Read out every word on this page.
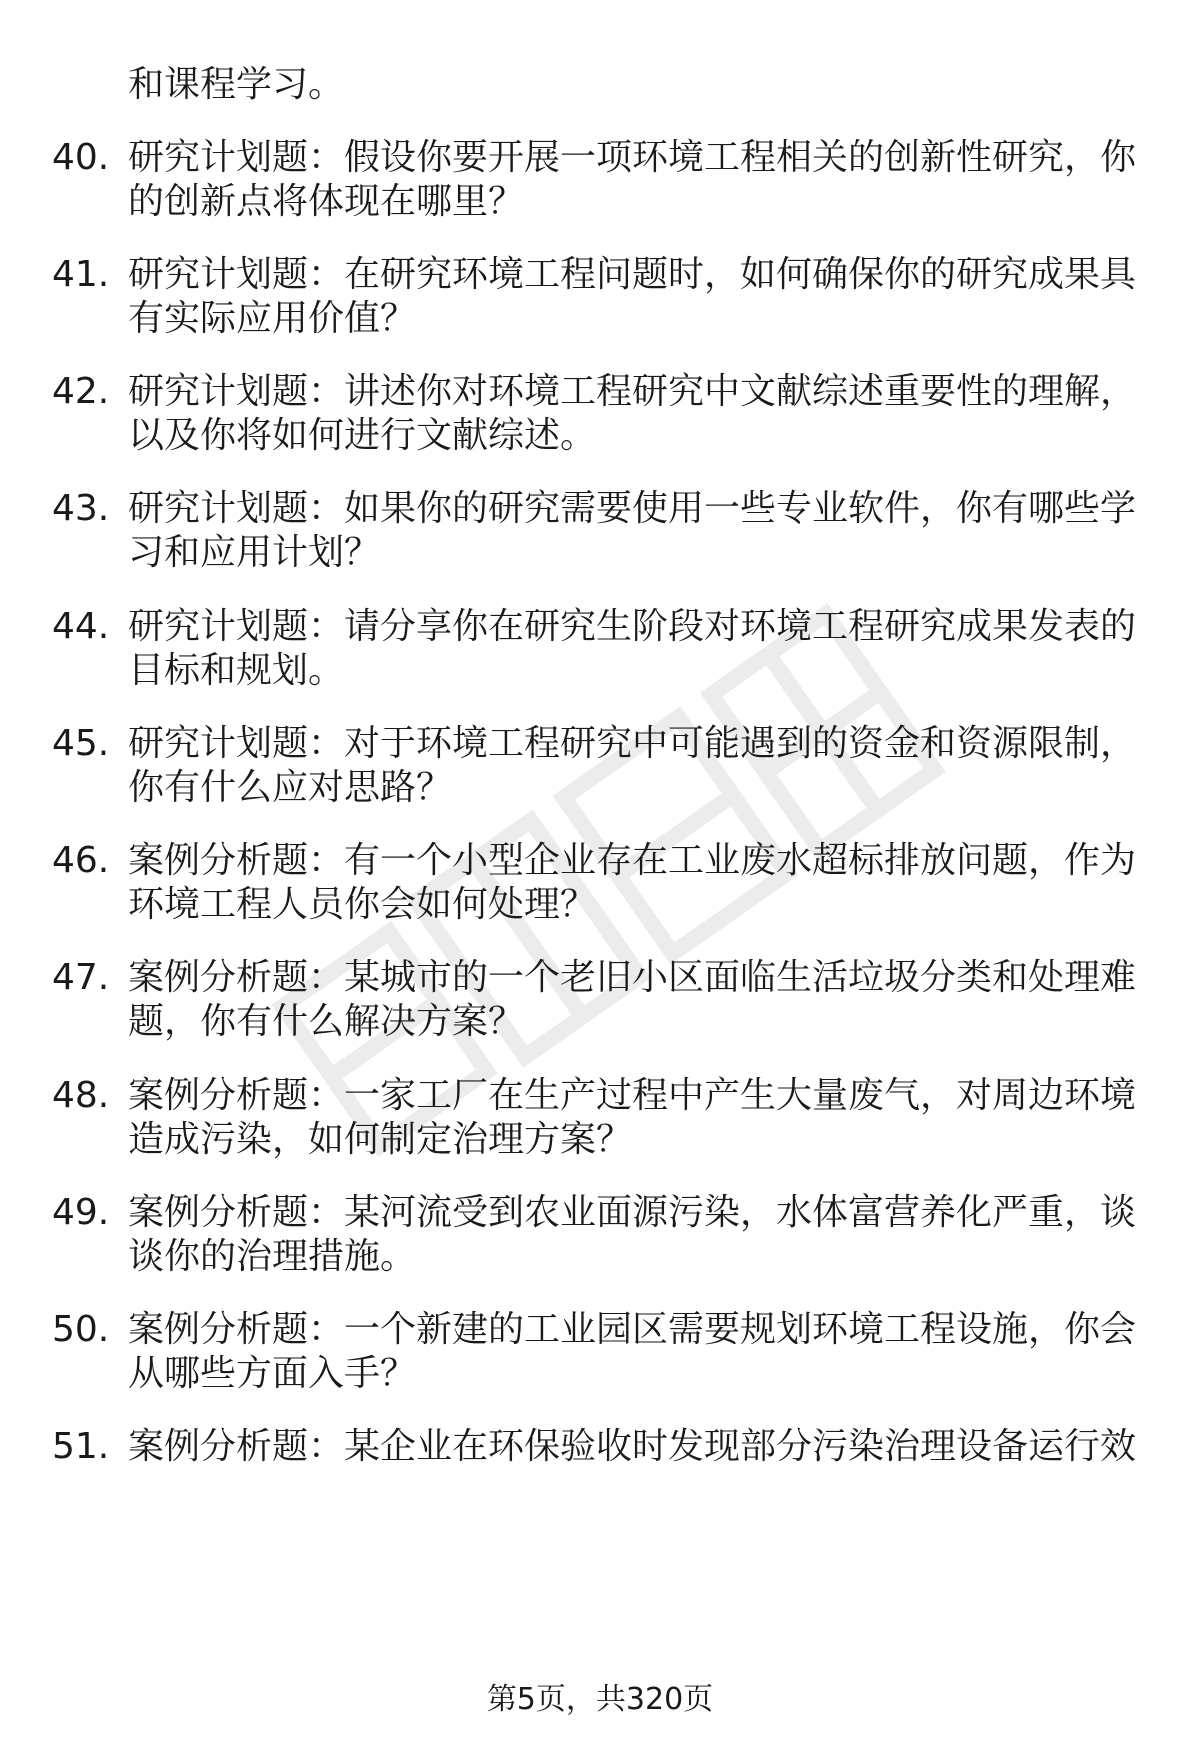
和课程学习。
40. 研究计划题：假设你要开展一项环境工程相关的创新性研究，你
的创新点将体现在哪里？
41. 研究计划题：在研究环境工程问题时，如何确保你的研究成果具
有实际应用价值？
42. 研究计划题：讲述你对环境工程研究中文献综述重要性的理解，
以及你将如何进行文献综述。
43. 研究计划题：如果你的研究需要使用一些专业软件，你有哪些学
习和应用计划？
44. 研究计划题：请分享你在研究生阶段对环境工程研究成果发表的
目标和规划。
45. 研究计划题：对于环境工程研究中可能遇到的资金和资源限制，
你有什么应对思路？
46. 案例分析题：有一个小型企业存在工业废水超标排放问题，作为
环境工程人员你会如何处理？
47. 案例分析题：某城市的一个老旧小区面临生活垃圾分类和处理难
题，你有什么解决方案？
48. 案例分析题：一家工厂在生产过程中产生大量废气，对周边环境
造成污染，如何制定治理方案？
49. 案例分析题：某河流受到农业面源污染，水体富营养化严重，谈
谈你的治理措施。
50. 案例分析题：一个新建的工业园区需要规划环境工程设施，你会
从哪些方面入手？
51. 案例分析题：某企业在环保验收时发现部分污染治理设备运行效
第5页，共320页
